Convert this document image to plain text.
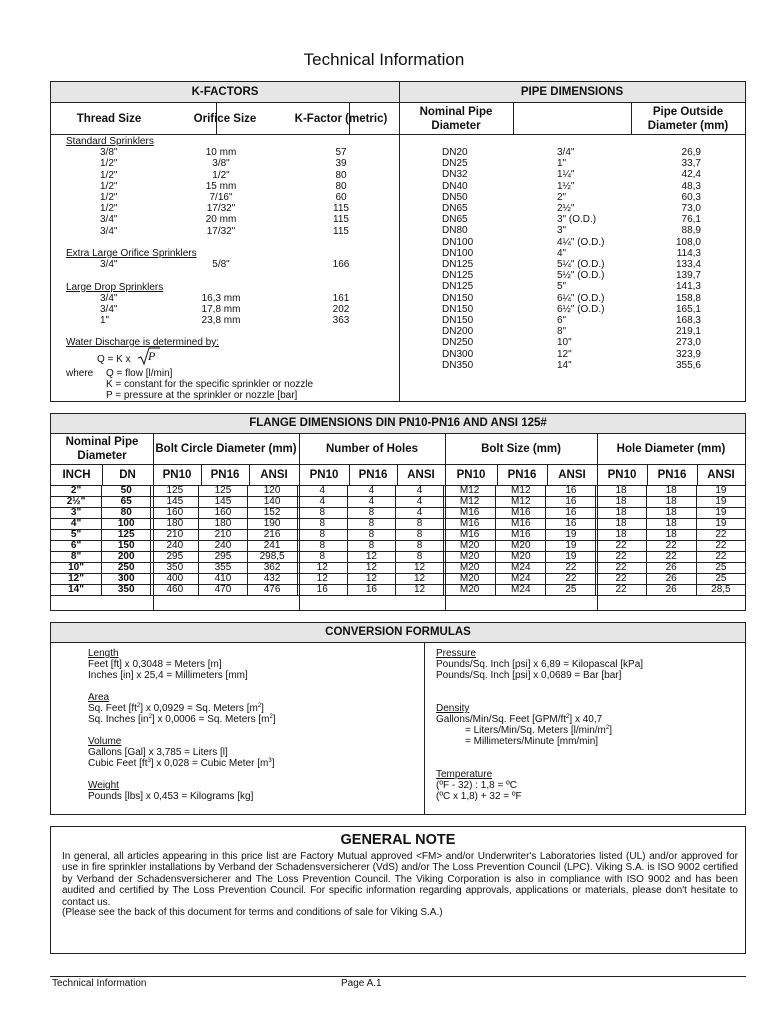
Technical Information
K-FACTORS	PIPE DIMENSIONS
Thread Size	Orifice Size	K-Factor (metric)
Nominal Pipe Diameter
Pipe Outside Diameter (mm)
Standard Sprinklers
3/8"	10 mm	57
1/2"	3/8"	39
1/2"	1/2"	80
1/2"	15 mm	80
1/2"	7/16"	60
1/2"	17/32"	115
3/4"	20 mm	115
3/4"	17/32"	115
Extra Large Orifice Sprinklers
3/4"	5/8"	166
Large Drop Sprinklers
3/4"	16,3 mm	161
3/4"	17,8 mm	202
1"	23,8 mm	363
DN20	3/4"	26,9
DN25	1"	33,7
DN32	1¼"	42,4
DN40	1½"	48,3
DN50	2"	60,3
DN65	2½"	73,0
DN65	3" (O.D.)	76,1
DN80	3"	88,9
DN100	4¼" (O.D.)	108,0
DN100	4"	114,3
DN125	5¼" (O.D.)	133,4
DN125	5½" (O.D.)	139,7
DN125	5"	141,3
DN150	6¼" (O.D.)	158,8
DN150	6½" (O.D.)	165,1
DN150	6"	168,3
DN200	8"	219,1
DN250	10"	273,0
DN300	12"	323,9
DN350	14"	355,6
Water Discharge is determined by:
Q = K x P
where Q = flow [l/min]
K = constant for the specific sprinkler or nozzle
P = pressure at the sprinkler or nozzle [bar]
FLANGE DIMENSIONS DIN PN10-PN16 AND ANSI 125#
Nominal Pipe Diameter
Bolt Circle Diameter (mm)	Number of Holes	Bolt Size (mm)	Hole Diameter (mm)
INCH	DN	PN10	PN16	ANSI	PN10	PN16	ANSI	PN10	PN16	ANSI	PN10	PN16	ANSI
2"	50	125	125	120	4	4	4	M12	M12	16	18	18	19
2½"	65	145	145	140	4	4	4	M12	M12	16	18	18	19
3"	80	160	160	152	8	8	4	M16	M16	16	18	18	19
4"	100	180	180	190	8	8	8	M16	M16	16	18	18	19
5"	125	210	210	216	8	8	8	M16	M16	19	18	18	22
6"	150	240	240	241	8	8	8	M20	M20	19	22	22	22
8"	200	295	295	298,5	8	12	8	M20	M20	19	22	22	22
10"	250	350	355	362	12	12	12	M20	M24	22	22	26	25
12"	300	400	410	432	12	12	12	M20	M24	22	22	26	25
14"	350	460	470	476	16	16	12	M20	M24	25	22	26	28,5
CONVERSION FORMULAS
Length
Feet [ft] x 0,3048 = Meters [m]
Inches [in] x 25,4 = Millimeters [mm]
Area
Sq. Feet $[ft^2]$ x 0,0929 = Sq. Meters $[m^2]$
Sq. Inches $[in^2]$ x 0,0006 = Sq. Meters $[m^2]$
Volume
Gallons [Gal] x 3,785 = Liters [l]
Cubic Feet $[ft^3]$ x 0,028 = Cubic Meter $[m^3]$
Weight
Pounds [lbs] x 0,453 = Kilograms [kg]
Pressure
Pounds/Sq. Inch [psi] x 6,89 = Kilopascal [kPa]
Pounds/Sq. Inch [psi] x 0,0689 = Bar [bar]
Density
Gallons/Min/Sq. Feet $[GPM/ft^2]$ x 40,7
= Liters/Min/Sq. Meters $[l/\min/m^2]$
= Millimeters/Minute [mm/min]
Temperature
(ºF - 32) : 1,8 = ºC
(ºC x 1,8) + 32 = ºF
GENERAL NOTE
In general, all articles appearing in this price list are Factory Mutual approved <FM> and/or Underwriter's Laboratories listed (UL) and/or approved for use in fire sprinkler installations by Verband der Schadensversicherer (VdS) and/or The Loss Prevention Council (LPC). Viking S.A. is ISO 9002 certified by Verband der Schadensversicherer and The Loss Prevention Council. The Viking Corporation is also in compliance with ISO 9002 and has been audited and certified by The Loss Prevention Council. For specific information regarding approvals, applications or materials, please don't hesitate to contact us.
(Please see the back of this document for terms and conditions of sale for Viking S.A.)
Technical Information	Page A.1
